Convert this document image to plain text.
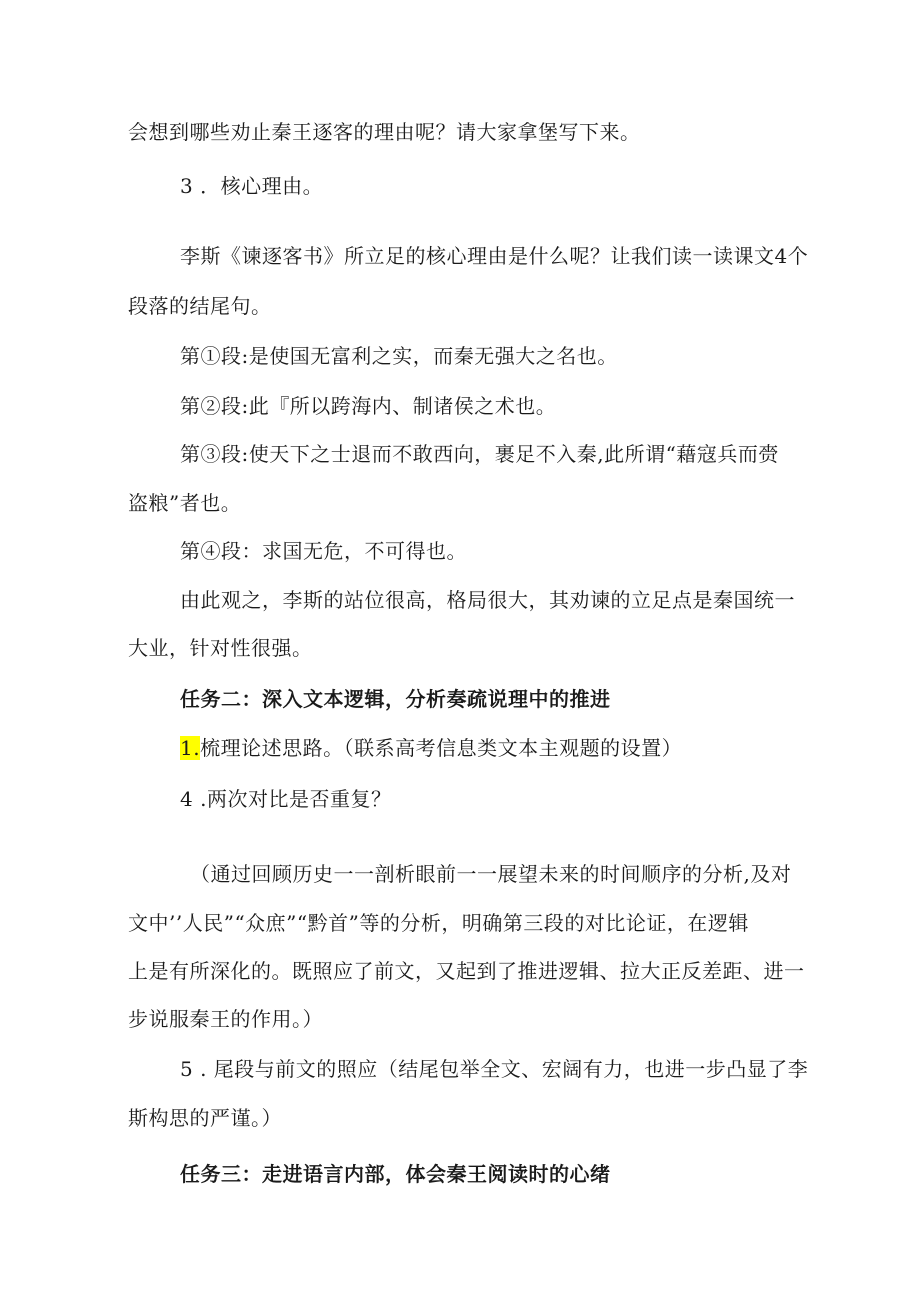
会想到哪些劝止秦王逐客的理由呢？请大家拿堡写下来。
3 ．核心理由。
李斯《谏逐客书》所立足的核心理由是什么呢？让我们读一读课文4个
段落的结尾句。
第①段:是使国无富利之实，而秦无强大之名也。
第②段:此『所以跨海内、制诸侯之术也。
第③段:使天下之士退而不敢西向，裹足不入秦,此所谓“藉寇兵而赍
盗粮”者也。
第④段：求国无危，不可得也。
由此观之，李斯的站位很高，格局很大，其劝谏的立足点是秦国统一
大业，针对性很强。
任务二：深入文本逻辑，分析奏疏说理中的推进
1.梳理论述思路。（联系高考信息类文本主观题的设置）
4 .两次对比是否重复？
（通过回顾历史一一剖析眼前一一展望未来的时间顺序的分析,及对
文中’’人民”“众庶”“黔首”等的分析，明确第三段的对比论证，在逻辑
上是有所深化的。既照应了前文，又起到了推进逻辑、拉大正反差距、进一
步说服秦王的作用。）
5 . 尾段与前文的照应（结尾包举全文、宏阔有力，也进一步凸显了李
斯构思的严谨。）
任务三：走进语言内部，体会秦王阅读时的心绪
